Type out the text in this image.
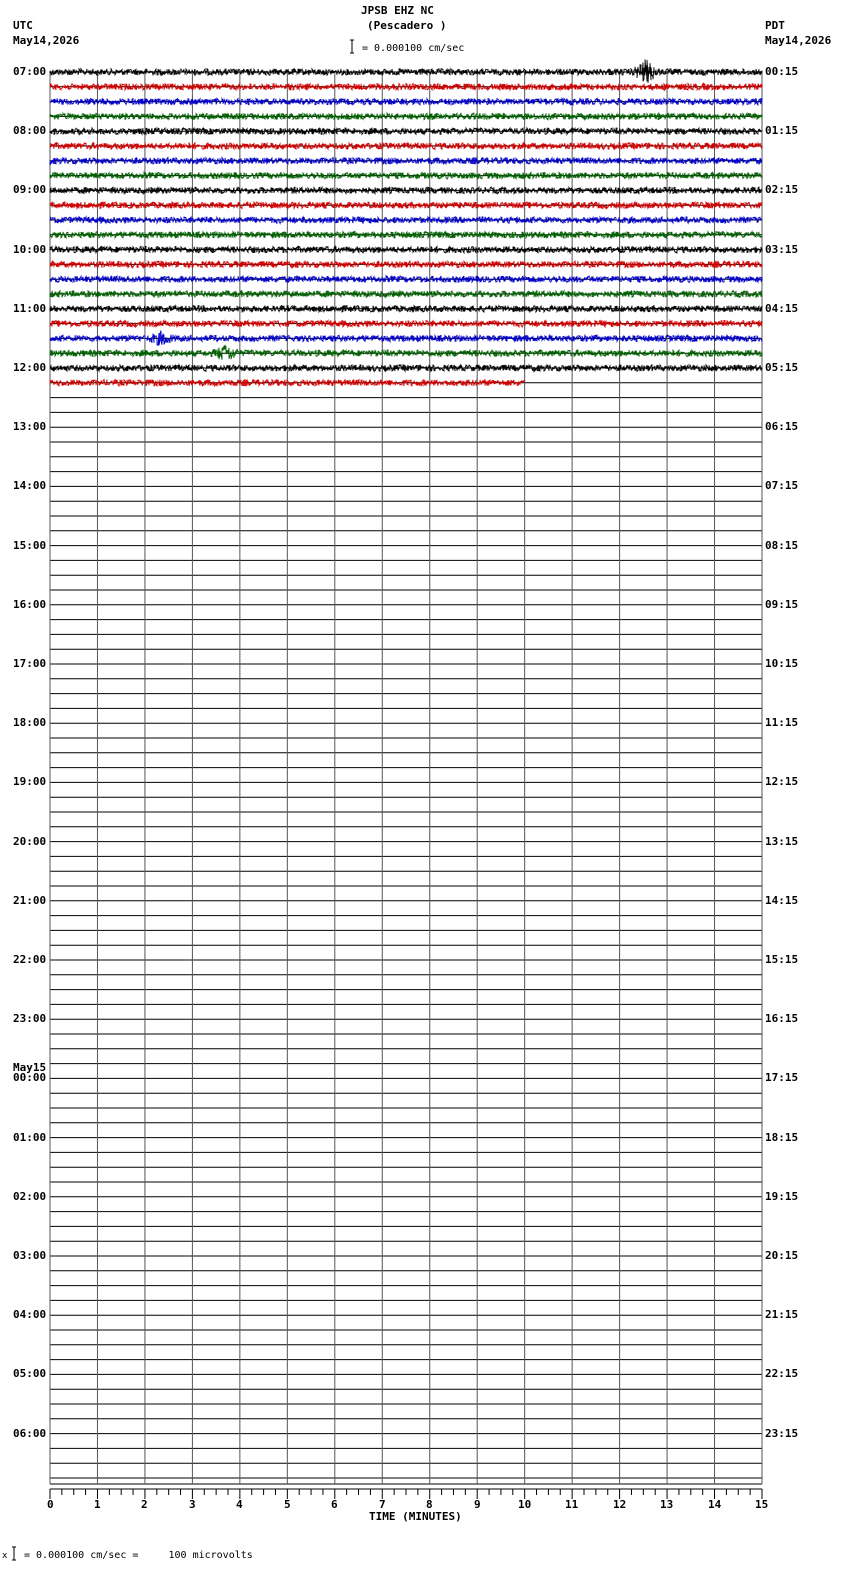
JPSB EHZ NC
(Pescadero )
= 0.000100 cm/sec
UTC
May14,2026
PDT
May14,2026
May15
07:00
08:00
09:00
10:00
11:00
12:00
13:00
14:00
15:00
16:00
17:00
18:00
19:00
20:00
21:00
22:00
23:00
00:00
01:00
02:00
03:00
04:00
05:00
06:00
00:15
01:15
02:15
03:15
04:15
05:15
06:15
07:15
08:15
09:15
10:15
11:15
12:15
13:15
14:15
15:15
16:15
17:15
18:15
19:15
20:15
21:15
22:15
23:15
0	1	2	3	4	5	6	7	8	9	10	11	12	13	14	15
TIME (MINUTES)
x = 0.000100 cm/sec =     100 microvolts
